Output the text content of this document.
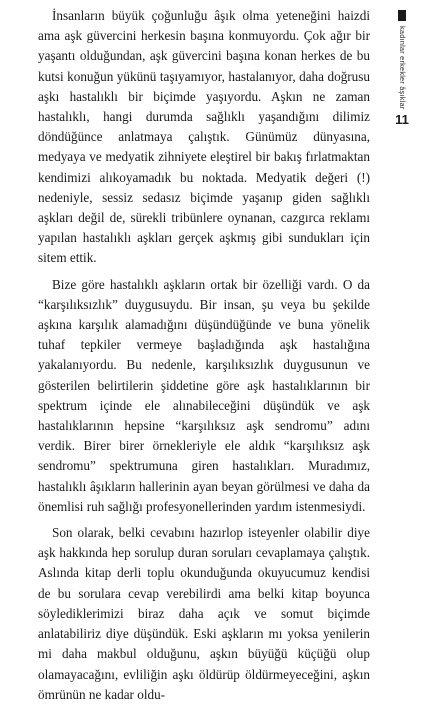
kadınlar erkekler âşıklar
11

İnsanların büyük çoğunluğu âşık olma yeteneğini haizdi ama aşk güvercini herkesin başına konmuyordu. Çok ağır bir yaşantı olduğundan, aşk güvercini başına konan herkes de bu kutsi konuğun yükünü taşıyamıyor, hastalanıyor, daha doğrusu aşkı hastalıklı bir biçimde yaşıyordu. Aşkın ne zaman hastalıklı, hangi durumda sağlıklı yaşandığını dilimiz döndüğünce anlatmaya çalıştık. Günümüz dünyasına, medyaya ve medyatik zihniyete eleştirel bir bakış fırlatmaktan kendimizi alıkoyamadık bu noktada. Medyatik değeri (!) nedeniyle, sessiz sedasız biçimde yaşanıp giden sağlıklı aşkları değil de, sürekli tribünlere oynanan, cazgırca reklamı yapılan hastalıklı aşkları gerçek aşkmış gibi sundukları için sitem ettik.

Bize göre hastalıklı aşkların ortak bir özelliği vardı. O da “karşılıksızlık” duygusuydu. Bir insan, şu veya bu şekilde aşkına karşılık alamadığını düşündüğünde ve buna yönelik tuhaf tepkiler vermeye başladığında aşk hastalığına yakalanıyordu. Bu nedenle, karşılıksızlık duygusunun ve gösterilen belirtilerin şiddetine göre aşk hastalıklarının bir spektrum içinde ele alınabileceğini düşündük ve aşk hastalıklarının hepsine “karşılıksız aşk sendromu” adını verdik. Birer birer örnekleriyle ele aldık “karşılıksız aşk sendromu” spektrumuna giren hastalıkları. Muradımız, hastalıklı âşıkların hallerinin ayan beyan görülmesi ve daha da önemlisi ruh sağlığı profesyonellerinden yardım istenmesiydi.

Son olarak, belki cevabını hazırlop isteyenler olabilir diye aşk hakkında hep sorulup duran soruları cevaplamaya çalıştık. Aslında kitap derli toplu okunduğunda okuyucumuz kendisi de bu sorulara cevap verebilirdi ama belki kitap boyunca söylediklerimizi biraz daha açık ve somut biçimde anlatabiliriz diye düşündük. Eski aşkların mı yoksa yenilerin mi daha makbul olduğunu, aşkın büyüğü küçüğü olup olamayacağını, evliliğin aşkı öldürüp öldürmeyeceğini, aşkın ömrünün ne kadar oldu-
